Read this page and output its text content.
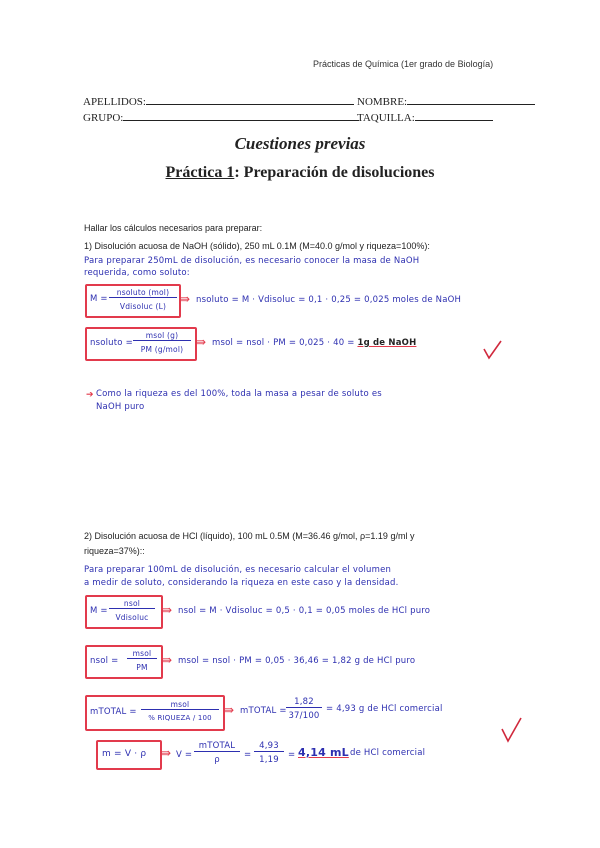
Prácticas de Química (1er grado de Biología)
APELLIDOS:	NOMBRE:
GRUPO:	TAQUILLA:
Cuestiones previas
Práctica 1: Preparación de disoluciones
Hallar los cálculos necesarios para preparar:
1) Disolución acuosa de NaOH (sólido), 250 mL 0.1M (M=40.0 g/mol y riqueza=100%):
Para preparar 250mL de disolución, es necesario conocer la masa de NaOH
requerida, como soluto:
M =
nsoluto (mol)
Vdisoluc (L)
⇛ nsoluto = M · Vdisoluc = 0,1 · 0,25 = 0,025 moles de NaOH
nsoluto =
msol (g)
PM (g/mol)
⇛ msol = nsol · PM = 0,025 · 40 = 1g de NaOH
➔ Como la riqueza es del 100%, toda la masa a pesar de soluto es
NaOH puro
2) Disolución acuosa de HCl (líquido), 100 mL 0.5M (M=36.46 g/mol, ρ=1.19 g/ml y
riqueza=37%)::
Para preparar 100mL de disolución, es necesario calcular el volumen
a medir de soluto, considerando la riqueza en este caso y la densidad.
M =
nsol
Vdisoluc
⇛ nsol = M · Vdisoluc = 0,5 · 0,1 = 0,05 moles de HCl puro
nsol =
msol
PM
⇛ msol = nsol · PM = 0,05 · 36,46 = 1,82 g de HCl puro
mTOTAL =
msol
% RIQUEZA / 100
⇛ mTOTAL =
1,82
37/100
= 4,93 g de HCl comercial
m = V · ρ ⇛ V =
mTOTAL
ρ	=
4,93
1,19	= 4,14 mL de HCl comercial
